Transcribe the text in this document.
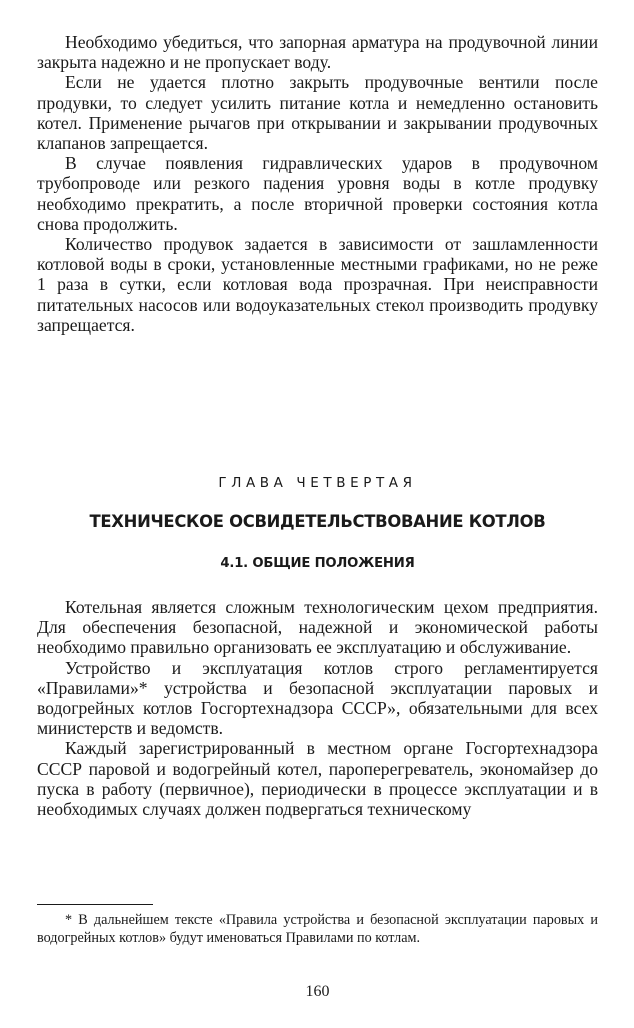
Необходимо убедиться, что запорная арматура на продувочной линии закрыта надежно и не пропускает воду.

Если не удается плотно закрыть продувочные вентили после продувки, то следует усилить питание котла и немедленно остановить котел. Применение рычагов при открывании и закрывании продувочных клапанов запрещается.

В случае появления гидравлических ударов в продувочном трубопроводе или резкого падения уровня воды в котле продувку необходимо прекратить, а после вторичной проверки состояния котла снова продолжить.

Количество продувок задается в зависимости от зашламленности котловой воды в сроки, установленные местными графиками, но не реже 1 раза в сутки, если котловая вода прозрачная. При неисправности питательных насосов или водоуказательных стекол производить продувку запрещается.

ГЛАВА ЧЕТВЕРТАЯ
ТЕХНИЧЕСКОЕ ОСВИДЕТЕЛЬСТВОВАНИЕ КОТЛОВ
4.1. ОБЩИЕ ПОЛОЖЕНИЯ

Котельная является сложным технологическим цехом предприятия. Для обеспечения безопасной, надежной и экономической работы необходимо правильно организовать ее эксплуатацию и обслуживание.

Устройство и эксплуатация котлов строго регламентируется «Правилами»* устройства и безопасной эксплуатации паровых и водогрейных котлов Госгортехнадзора СССР», обязательными для всех министерств и ведомств.

Каждый зарегистрированный в местном органе Госгортехнадзора СССР паровой и водогрейный котел, пароперегреватель, экономайзер до пуска в работу (первичное), периодически в процессе эксплуатации и в необходимых случаях должен подвергаться техническому

* В дальнейшем тексте «Правила устройства и безопасной эксплуатации паровых и водогрейных котлов» будут именоваться Правилами по котлам.

160
